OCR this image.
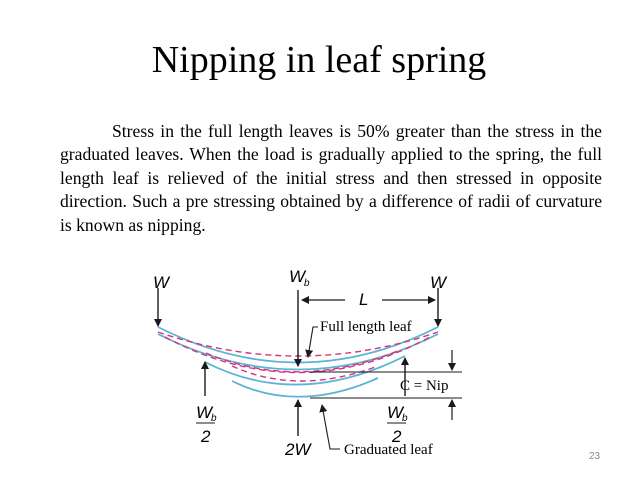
Nipping in leaf spring

Stress in the full length leaves is 50% greater than the stress in the graduated leaves. When the load is gradually applied to the spring, the full length leaf is relieved of the initial stress and then stressed in opposite direction. Such a pre stressing obtained by a difference of radii of curvature is known as nipping.

W	W
b	W
L
Full length leaf
C = Nip
W
b
2
W
b
2
2W Graduated leaf	23
